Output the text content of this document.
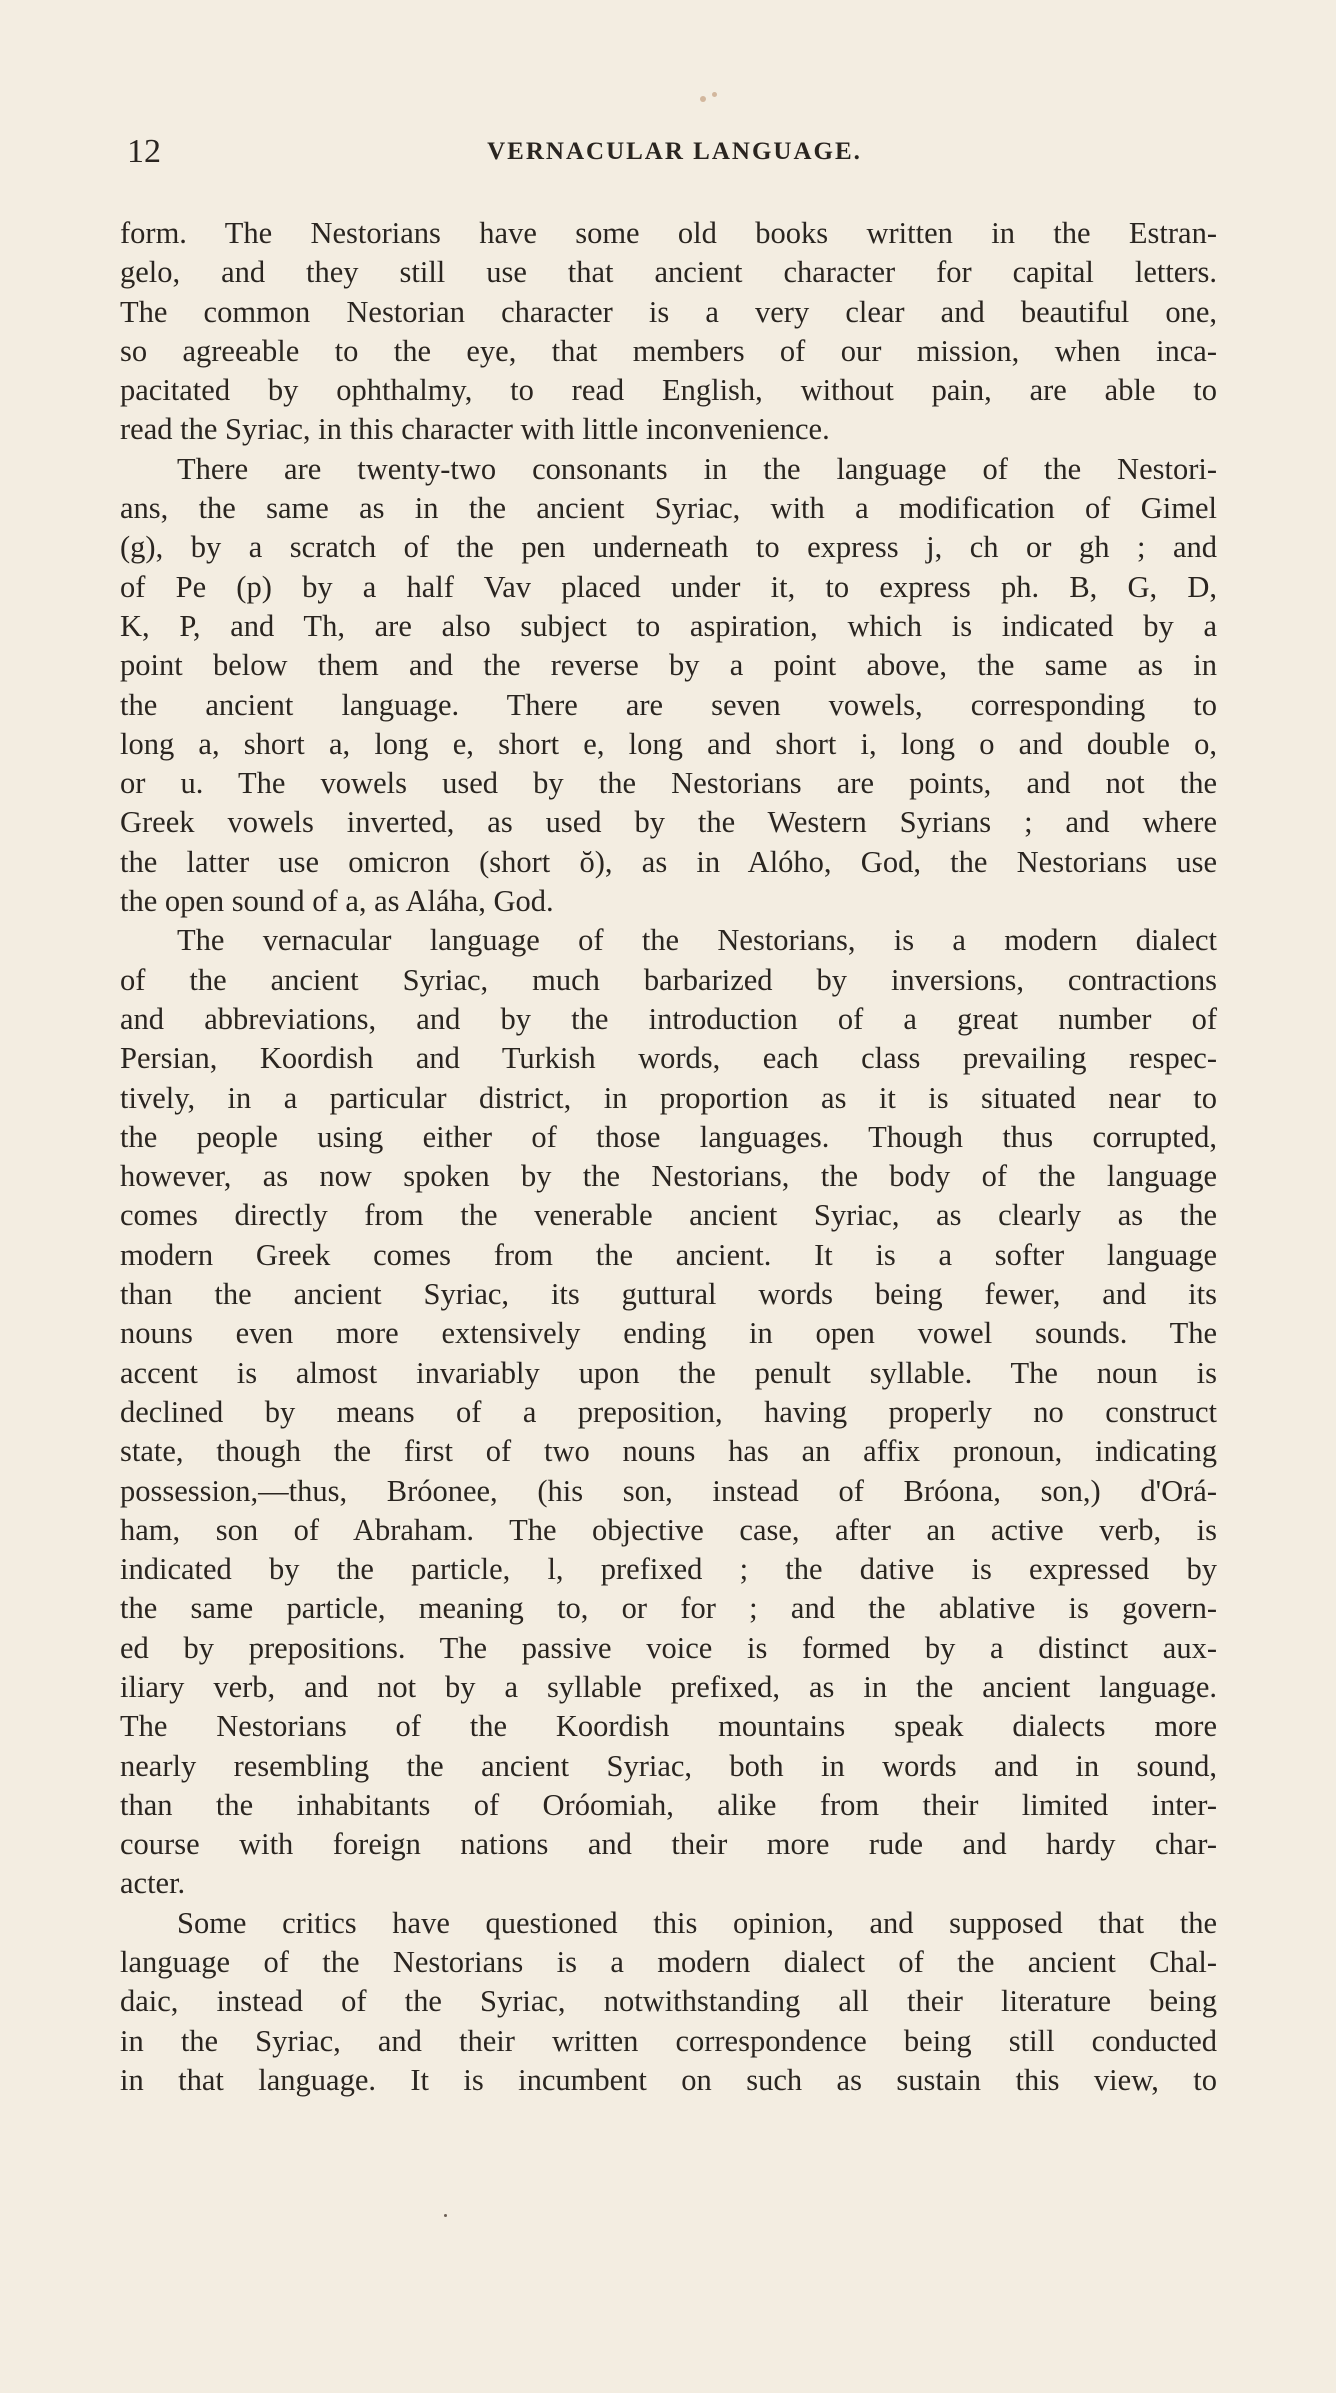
12	VERNACULAR LANGUAGE.
form. The Nestorians have some old books written in the Estran-
gelo, and they still use that ancient character for capital letters.
The common Nestorian character is a very clear and beautiful one,
so agreeable to the eye, that members of our mission, when inca-
pacitated by ophthalmy, to read English, without pain, are able to
read the Syriac, in this character with little inconvenience.
There are twenty-two consonants in the language of the Nestori-
ans, the same as in the ancient Syriac, with a modification of Gimel
(g), by a scratch of the pen underneath to express j, ch or gh ; and
of Pe (p) by a half Vav placed under it, to express ph. B, G, D,
K, P, and Th, are also subject to aspiration, which is indicated by a
point below them and the reverse by a point above, the same as in
the ancient language. There are seven vowels, corresponding to
long a, short a, long e, short e, long and short i, long o and double o,
or u. The vowels used by the Nestorians are points, and not the
Greek vowels inverted, as used by the Western Syrians ; and where
the latter use omicron (short ŏ), as in Alóho, God, the Nestorians use
the open sound of a, as Aláha, God.
The vernacular language of the Nestorians, is a modern dialect
of the ancient Syriac, much barbarized by inversions, contractions
and abbreviations, and by the introduction of a great number of
Persian, Koordish and Turkish words, each class prevailing respec-
tively, in a particular district, in proportion as it is situated near to
the people using either of those languages. Though thus corrupted,
however, as now spoken by the Nestorians, the body of the language
comes directly from the venerable ancient Syriac, as clearly as the
modern Greek comes from the ancient. It is a softer language
than the ancient Syriac, its guttural words being fewer, and its
nouns even more extensively ending in open vowel sounds. The
accent is almost invariably upon the penult syllable. The noun is
declined by means of a preposition, having properly no construct
state, though the first of two nouns has an affix pronoun, indicating
possession,—thus, Bróonee, (his son, instead of Bróona, son,) d'Orá-
ham, son of Abraham. The objective case, after an active verb, is
indicated by the particle, l, prefixed ; the dative is expressed by
the same particle, meaning to, or for ; and the ablative is govern-
ed by prepositions. The passive voice is formed by a distinct aux-
iliary verb, and not by a syllable prefixed, as in the ancient language.
The Nestorians of the Koordish mountains speak dialects more
nearly resembling the ancient Syriac, both in words and in sound,
than the inhabitants of Oróomiah, alike from their limited inter-
course with foreign nations and their more rude and hardy char-
acter.
Some critics have questioned this opinion, and supposed that the
language of the Nestorians is a modern dialect of the ancient Chal-
daic, instead of the Syriac, notwithstanding all their literature being
in the Syriac, and their written correspondence being still conducted
in that language. It is incumbent on such as sustain this view, to
